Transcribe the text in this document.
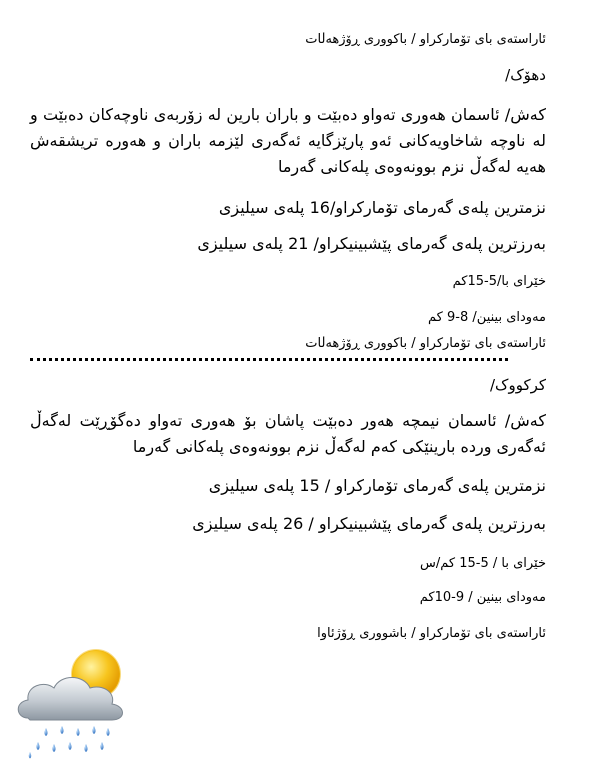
ئاراستەی بای تۆمارکراو / باکووری ڕۆژهەڵات

دهۆک/

کەش/ ئاسمان هەوری تەواو دەبێت و باران بارین لە زۆربەی ناوچەکان دەبێت و لە ناوچە شاخاویەکانی ئەو پارێزگایە ئەگەری لێزمە باران و هەورە تریشقەش هەیە لەگەڵ نزم بوونەوەی پلەکانی گەرما

نزمترین پلەی گەرمای تۆمارکراو/16 پلەی سیلیزی

بەرزترین پلەی گەرمای پێشبینیکراو/ 21 پلەی سیلیزی

خێرای با/5-15کم

مەودای بینین/ 8-9 کم

ئاراستەی بای تۆمارکراو / باکووری ڕۆژهەڵات

کرکووک/

کەش/ ئاسمان نیمچە هەور دەبێت پاشان بۆ هەوری تەواو دەگۆڕێت لەگەڵ ئەگەری وردە بارینێکی کەم لەگەڵ نزم بوونەوەی پلەکانی گەرما

نزمترین پلەی گەرمای تۆمارکراو / 15 پلەی سیلیزی

بەرزترین پلەی گەرمای پێشبینیکراو / 26 پلەی سیلیزی

خێرای با / 5-15 کم/س

مەودای بینین / 9-10کم

ئاراستەی بای تۆمارکراو / باشووری ڕۆژئاوا
